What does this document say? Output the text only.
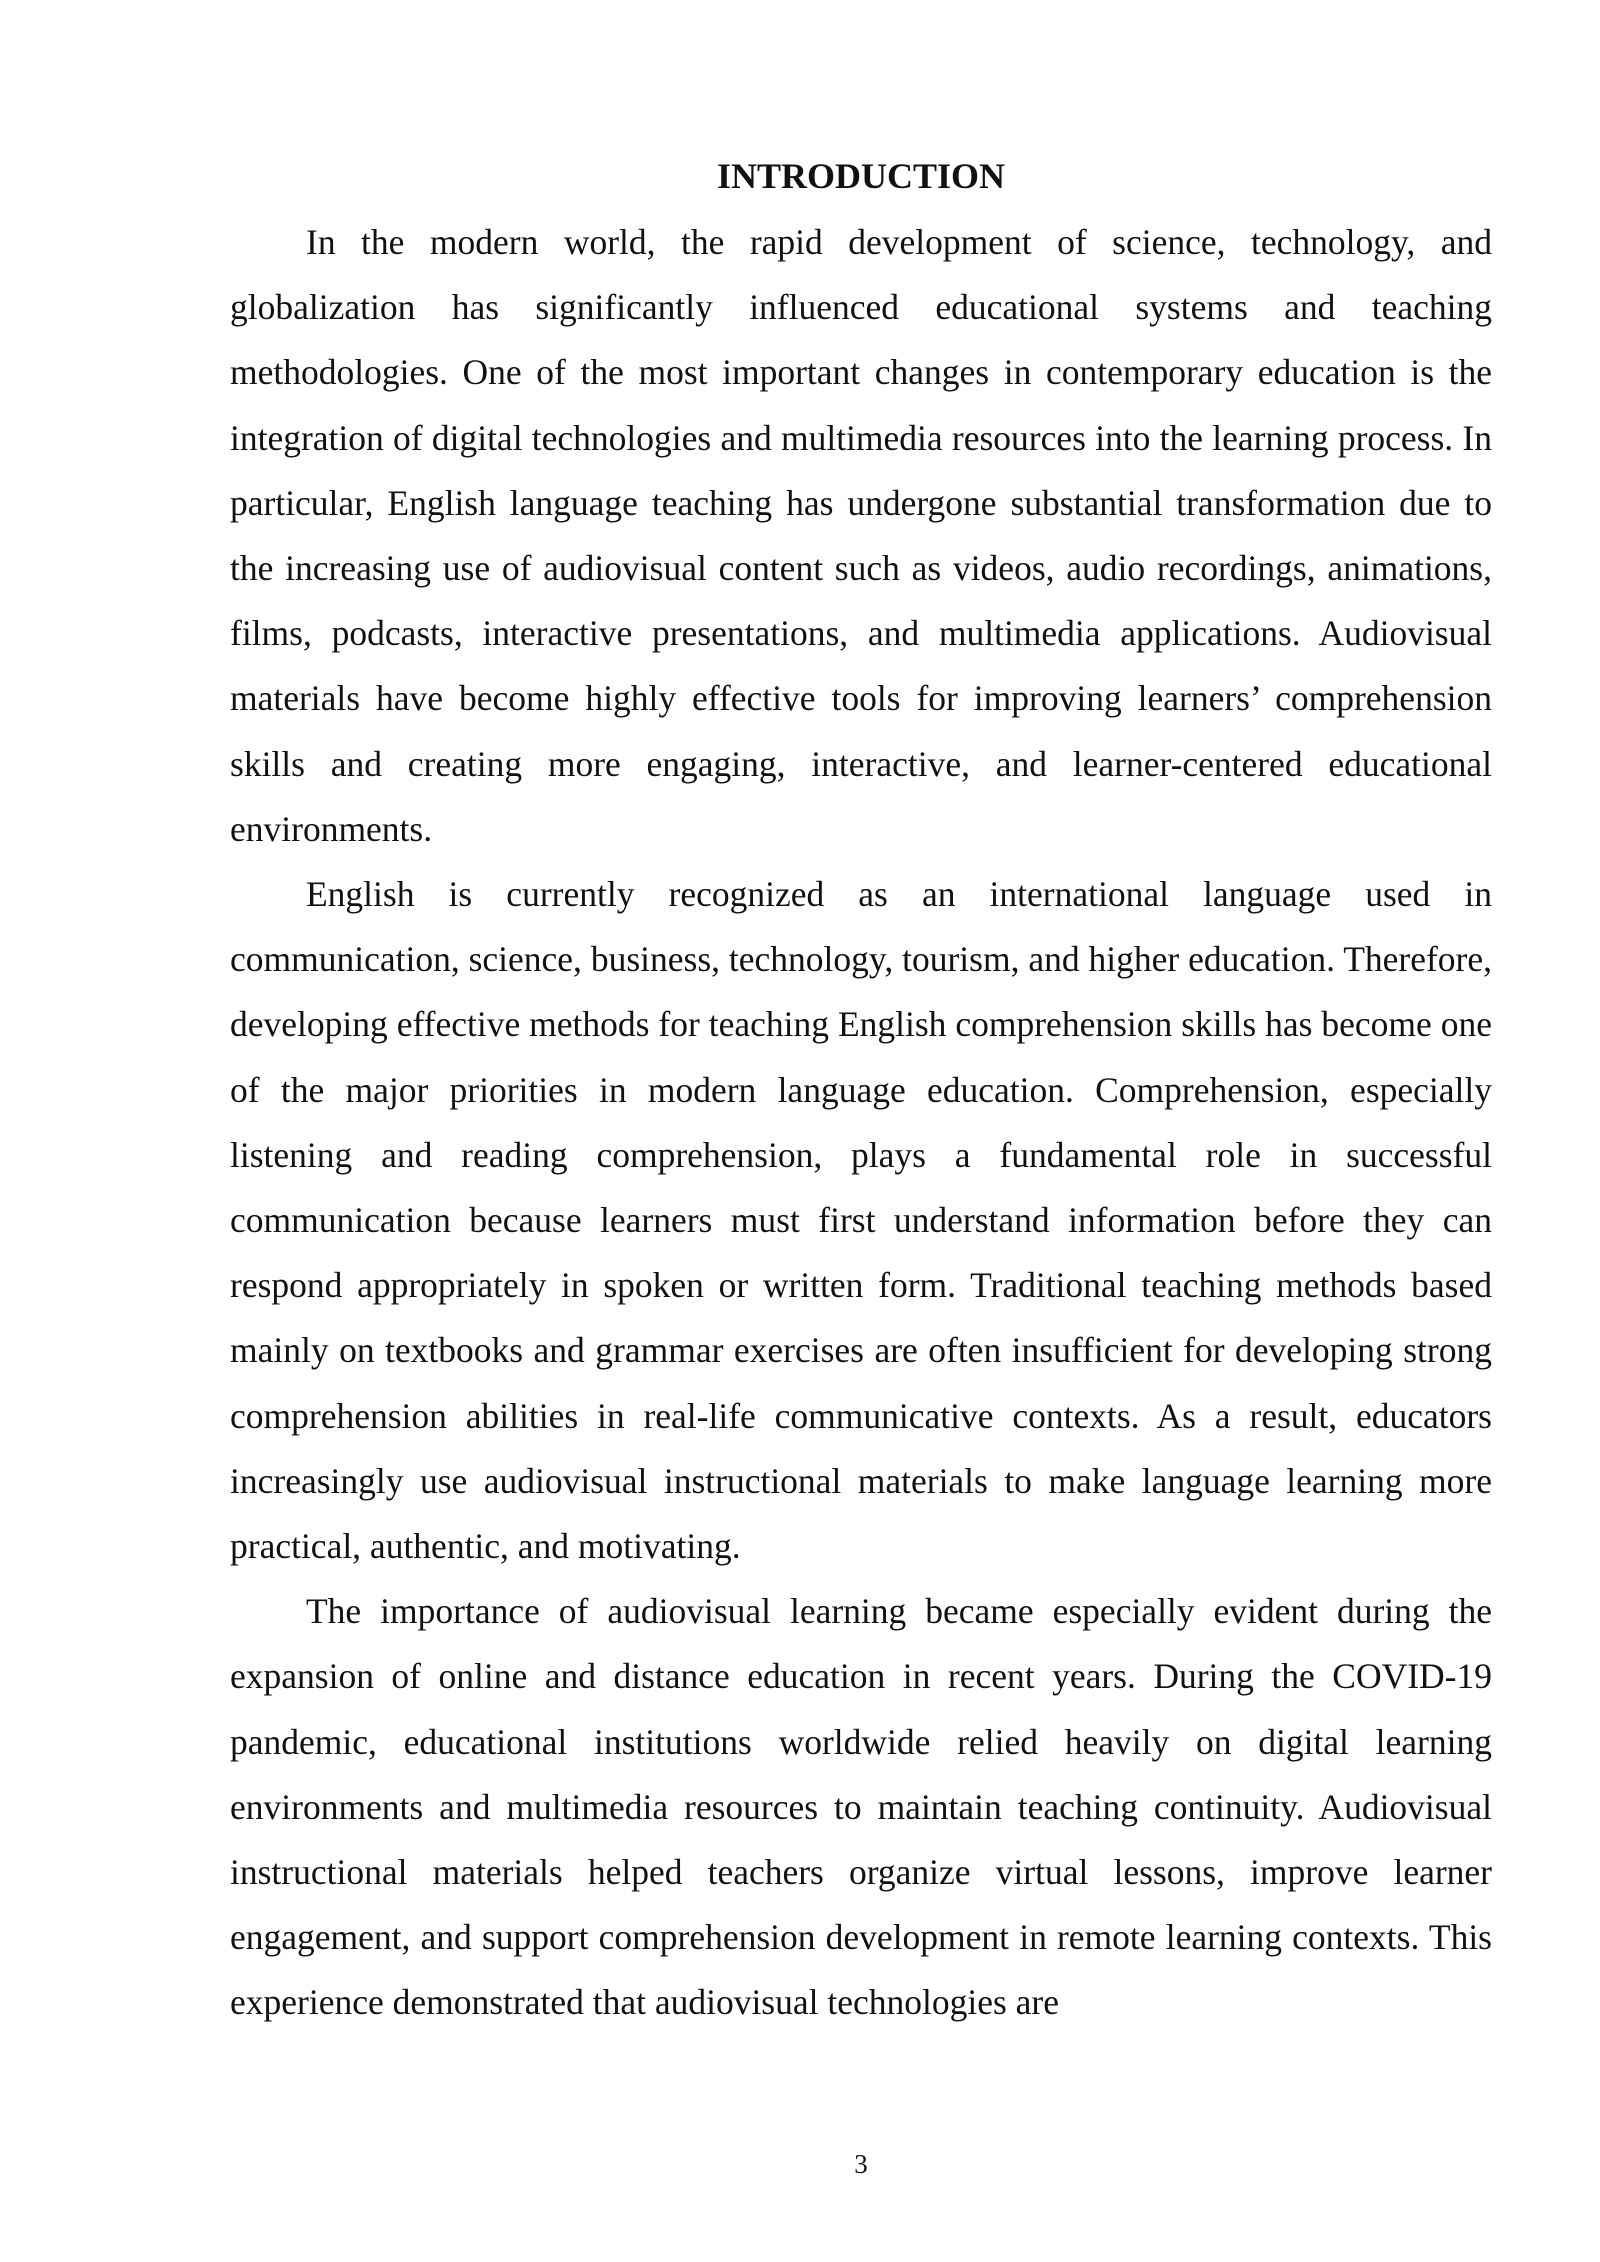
INTRODUCTION

In the modern world, the rapid development of science, technology, and globalization has significantly influenced educational systems and teaching methodologies. One of the most important changes in contemporary education is the integration of digital technologies and multimedia resources into the learning process. In particular, English language teaching has undergone substantial transformation due to the increasing use of audiovisual content such as videos, audio recordings, animations, films, podcasts, interactive presentations, and multimedia applications. Audiovisual materials have become highly effective tools for improving learners’ comprehension skills and creating more engaging, interactive, and learner-centered educational environments.

English is currently recognized as an international language used in communication, science, business, technology, tourism, and higher education. Therefore, developing effective methods for teaching English comprehension skills has become one of the major priorities in modern language education. Comprehension, especially listening and reading comprehension, plays a fundamental role in successful communication because learners must first understand information before they can respond appropriately in spoken or written form. Traditional teaching methods based mainly on textbooks and grammar exercises are often insufficient for developing strong comprehension abilities in real-life communicative contexts. As a result, educators increasingly use audiovisual instructional materials to make language learning more practical, authentic, and motivating.

The importance of audiovisual learning became especially evident during the expansion of online and distance education in recent years. During the COVID-19 pandemic, educational institutions worldwide relied heavily on digital learning environments and multimedia resources to maintain teaching continuity. Audiovisual instructional materials helped teachers organize virtual lessons, improve learner engagement, and support comprehension development in remote learning contexts. This experience demonstrated that audiovisual technologies are

3
